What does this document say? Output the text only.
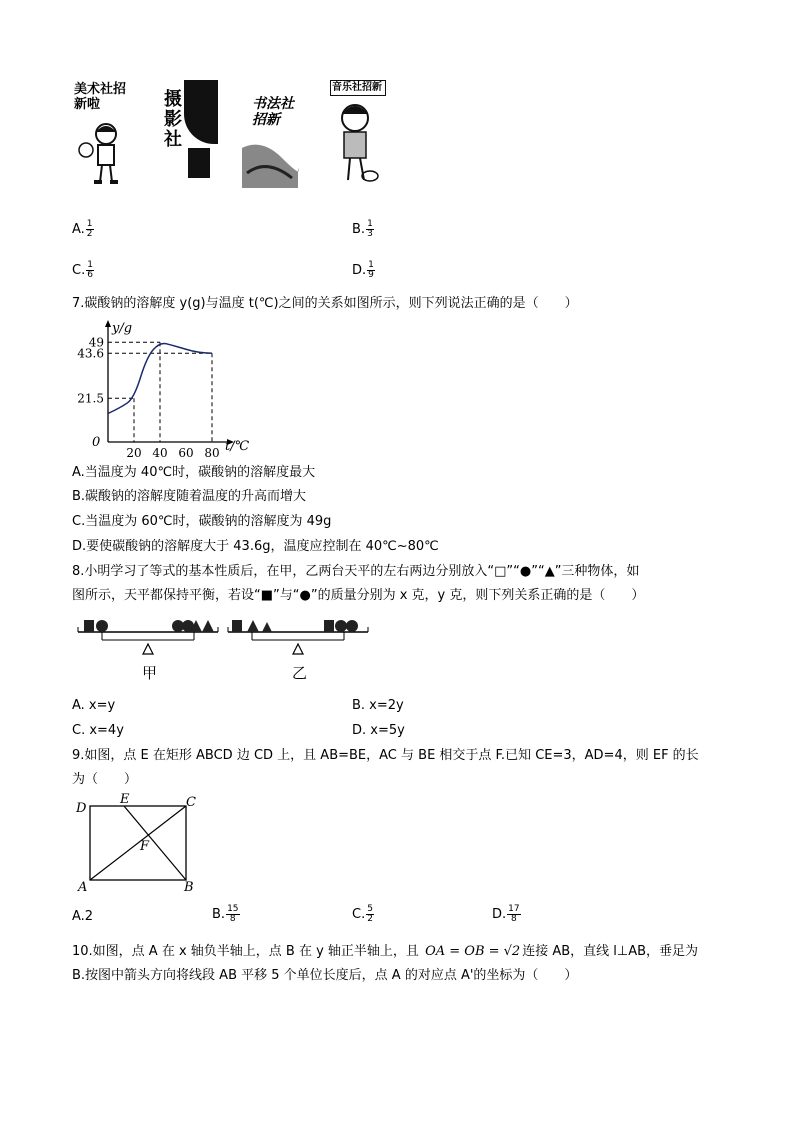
美术社招新啦	摄影社
书法社招新
音乐社招新
A. $\frac{1}{2}$	B. $\frac{1}{3}$
C. $\frac{1}{6}$	D. $\frac{1}{9}$
7.碳酸钠的溶解度 y(g)与温度 t(℃)之间的关系如图所示，则下列说法正确的是（　　）
49
43.6
21.5
20 40 60 80
y/g
t/℃
0
A.当温度为 40℃时，碳酸钠的溶解度最大
B.碳酸钠的溶解度随着温度的升高而增大
C.当温度为 60℃时，碳酸钠的溶解度为 49g
D.要使碳酸钠的溶解度大于 43.6g，温度应控制在 40℃~80℃
8.小明学习了等式的基本性质后，在甲，乙两台天平的左右两边分别放入“□”“●”“▲”三种物体，如
图所示，天平都保持平衡，若设“■”与“●”的质量分别为 x 克，y 克，则下列关系正确的是（　　）
甲	乙
A. x=y	B. x=2y
C. x=4y	D. x=5y
9.如图，点 E 在矩形 ABCD 边 CD 上，且 AB=BE，AC 与 BE 相交于点 F.已知 CE=3，AD=4，则 EF 的长
为（　　）
D
E	C
F
A	B
A.2	B. $\frac{15}{8}$	C. $\frac{5}{2}$	D. $\frac{17}{8}$
10.如图，点 A 在 x 轴负半轴上，点 B 在 y 轴正半轴上，且 OA = OB = √2 连接 AB，直线 l⊥AB，垂足为
B.按图中箭头方向将线段 AB 平移 5 个单位长度后，点 A 的对应点 A'的坐标为（　　）
